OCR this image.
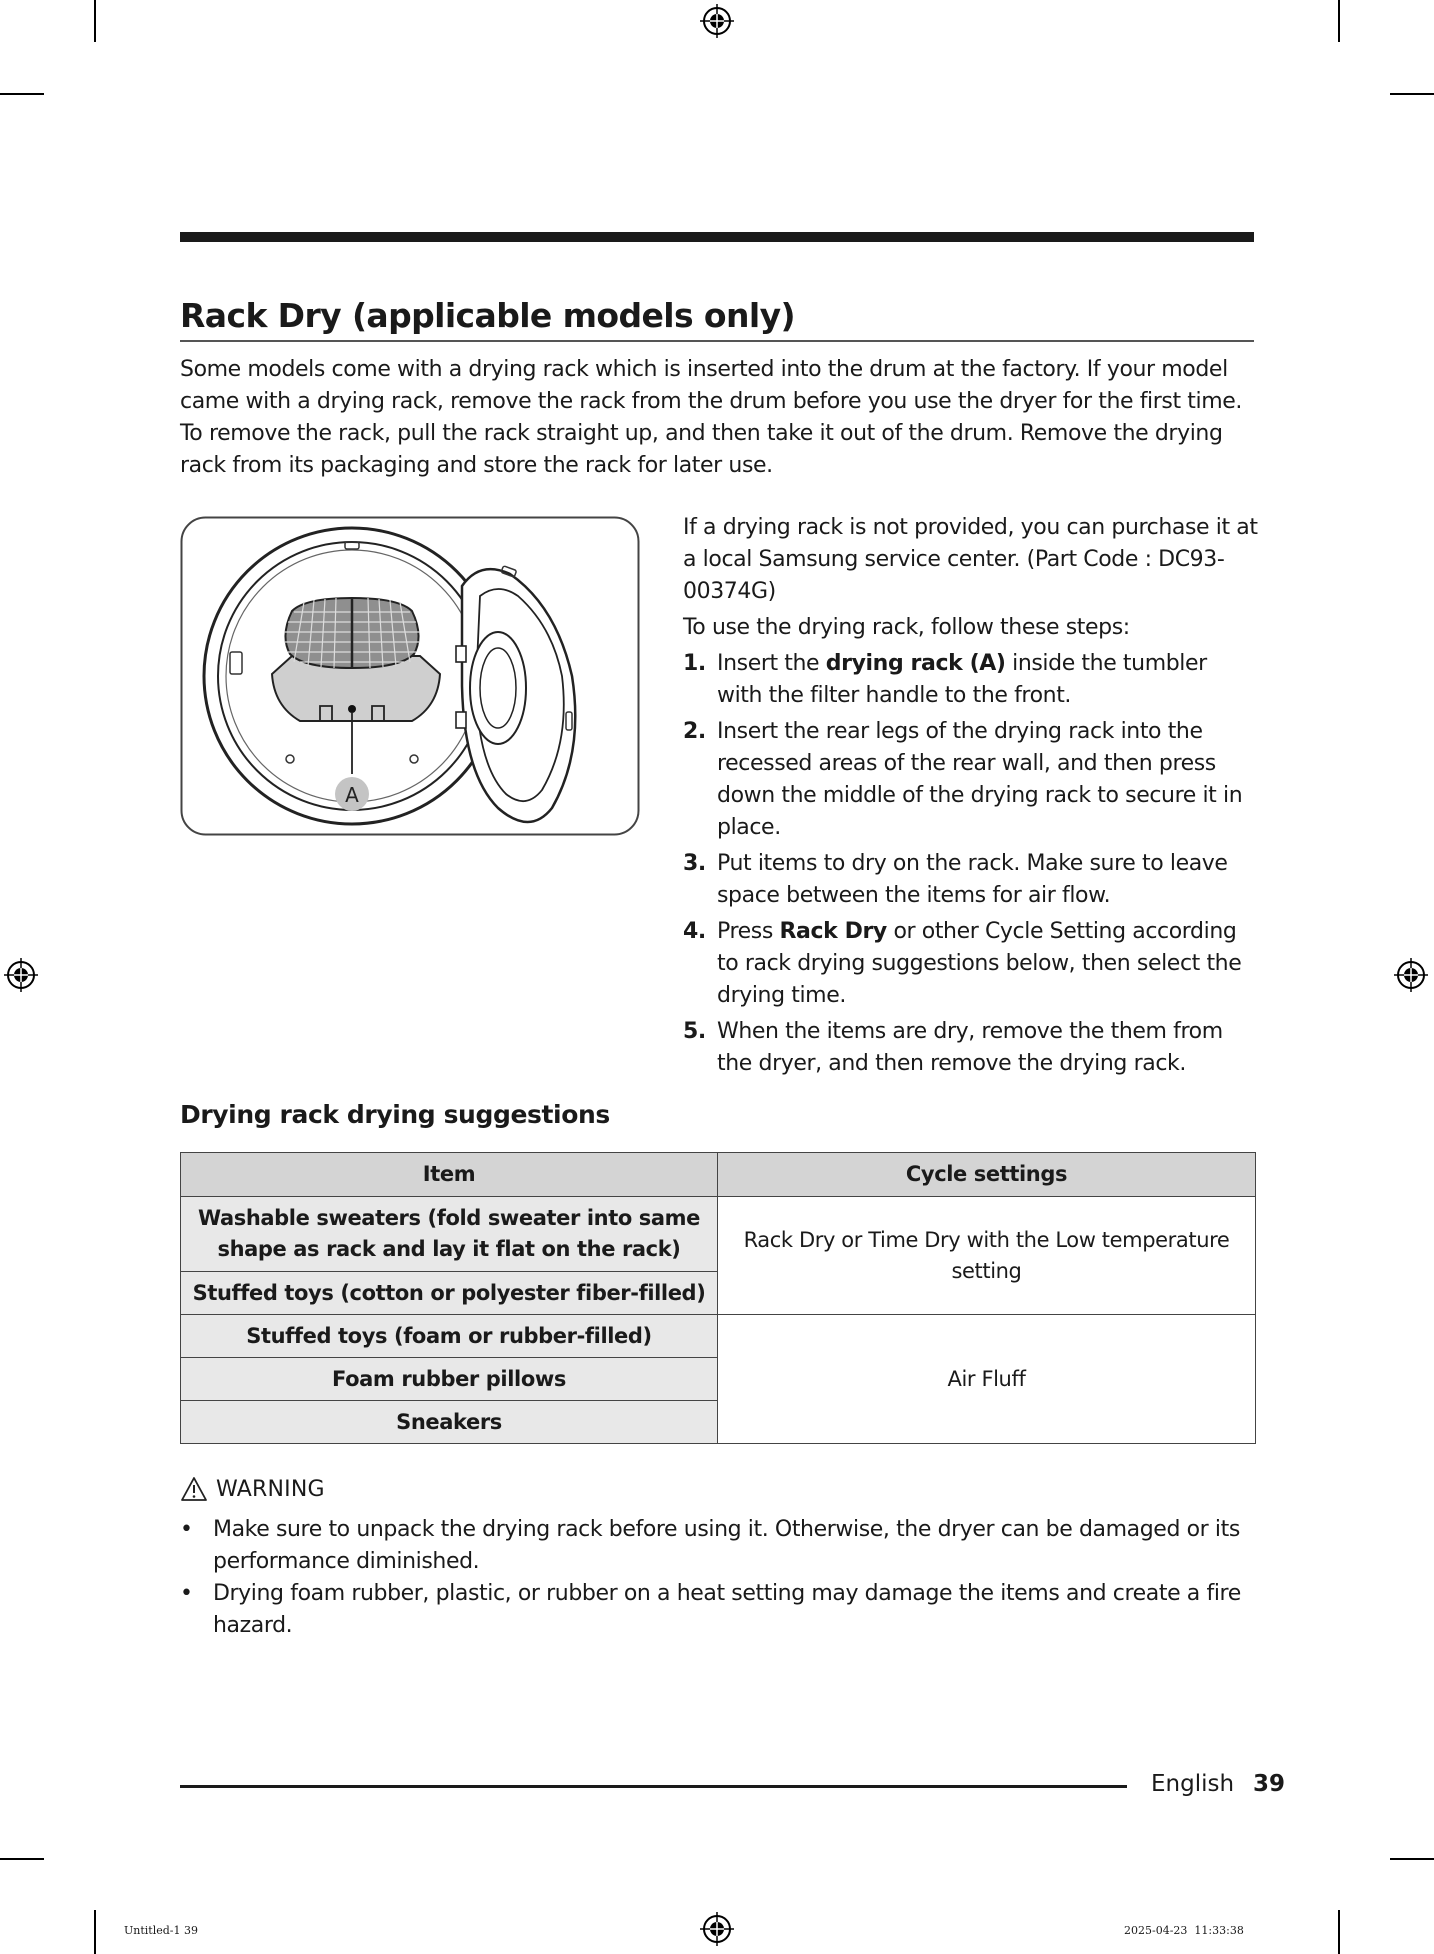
Rack Dry (applicable models only)
Some models come with a drying rack which is inserted into the drum at the factory. If your model came with a drying rack, remove the rack from the drum before you use the dryer for the first time. To remove the rack, pull the rack straight up, and then take it out of the drum. Remove the drying rack from its packaging and store the rack for later use.
A

If a drying rack is not provided, you can purchase it at a local Samsung service center. (Part Code : DC93-00374G)

To use the drying rack, follow these steps:

1. Insert the drying rack (A) inside the tumbler with the filter handle to the front.
2. Insert the rear legs of the drying rack into the recessed areas of the rear wall, and then press down the middle of the drying rack to secure it in place.
3. Put items to dry on the rack. Make sure to leave space between the items for air flow.
4. Press Rack Dry or other Cycle Setting according to rack drying suggestions below, then select the drying time.
5. When the items are dry, remove the them from the dryer, and then remove the drying rack.
Drying rack drying suggestions
Item	Cycle settings
Washable sweaters (fold sweater into same shape as rack and lay it flat on the rack)	Rack Dry or Time Dry with the Low temperature setting
Stuffed toys (cotton or polyester fiber-filled)	
Stuffed toys (foam or rubber-filled)	Air Fluff
Foam rubber pillows	
Sneakers	
WARNING
• Make sure to unpack the drying rack before using it. Otherwise, the dryer can be damaged or its performance diminished.
• Drying foam rubber, plastic, or rubber on a heat setting may damage the items and create a fire hazard.
English 39
Untitled-1 39	2025-04-23 ￼ 11:33:38
